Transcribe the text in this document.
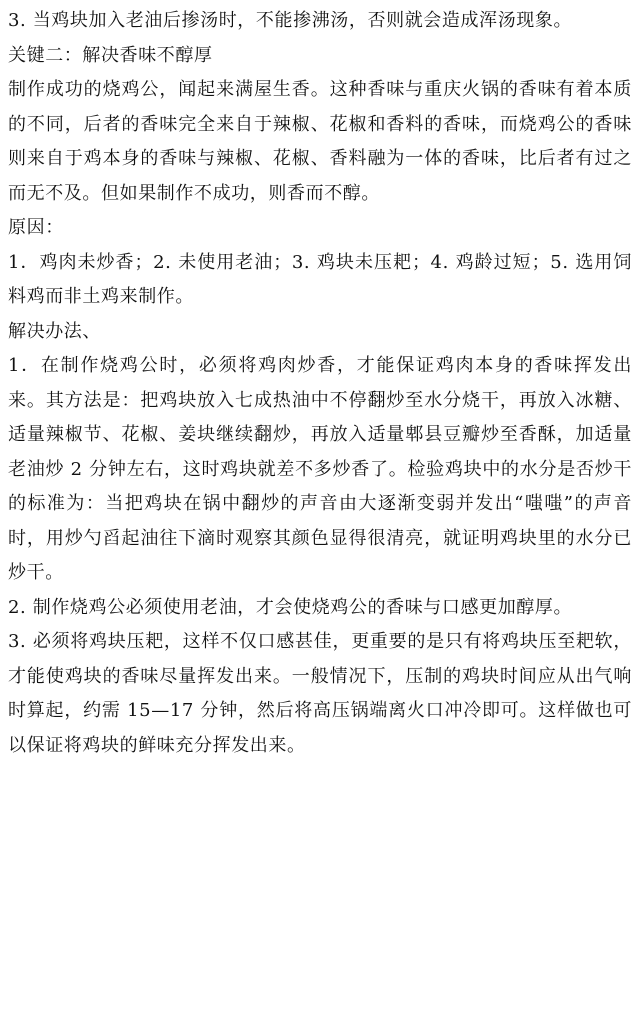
3. 当鸡块加入老油后掺汤时，不能掺沸汤，否则就会造成浑汤现象。

关键二：解决香味不醇厚

制作成功的烧鸡公，闻起来满屋生香。这种香味与重庆火锅的香味有着本质的不同，后者的香味完全来自于辣椒、花椒和香料的香味，而烧鸡公的香味则来自于鸡本身的香味与辣椒、花椒、香料融为一体的香味，比后者有过之而无不及。但如果制作不成功，则香而不醇。

原因：

1．鸡肉未炒香；2. 未使用老油；3. 鸡块未压耙；4. 鸡龄过短；5. 选用饲料鸡而非土鸡来制作。

解决办法、

1．在制作烧鸡公时，必须将鸡肉炒香，才能保证鸡肉本身的香味挥发出来。其方法是：把鸡块放入七成热油中不停翻炒至水分烧干，再放入冰糖、适量辣椒节、花椒、姜块继续翻炒，再放入适量郫县豆瓣炒至香酥，加适量老油炒 2 分钟左右，这时鸡块就差不多炒香了。检验鸡块中的水分是否炒干的标准为：当把鸡块在锅中翻炒的声音由大逐渐变弱并发出“嗤嗤”的声音时，用炒勺舀起油往下滴时观察其颜色显得很清亮，就证明鸡块里的水分已炒干。

2. 制作烧鸡公必须使用老油，才会使烧鸡公的香味与口感更加醇厚。

3. 必须将鸡块压耙，这样不仅口感甚佳，更重要的是只有将鸡块压至耙软，才能使鸡块的香味尽量挥发出来。一般情况下，压制的鸡块时间应从出气响时算起，约需 15—17 分钟，然后将高压锅端离火口冲冷即可。这样做也可以保证将鸡块的鲜味充分挥发出来。
